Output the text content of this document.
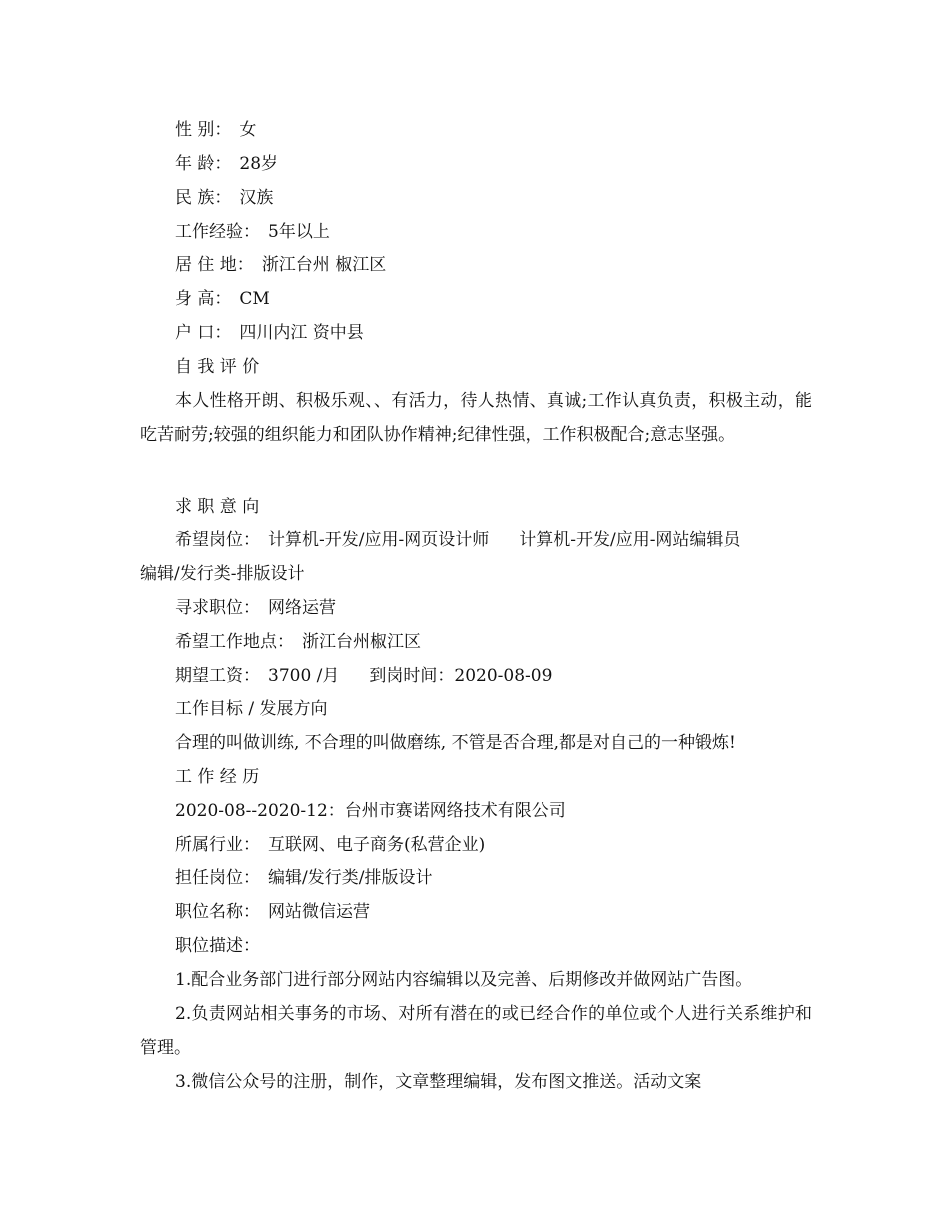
性 别： 女
年 龄： 28岁
民 族： 汉族
工作经验： 5年以上
居 住 地： 浙江台州 椒江区
身 高： CM
户 口： 四川内江 资中县
自 我 评 价
本人性格开朗、积极乐观、、有活力，待人热情、真诚;工作认真负责，积极主动，能吃苦耐劳;较强的组织能力和团队协作精神;纪律性强，工作积极配合;意志坚强。
求 职 意 向
希望岗位： 计算机-开发/应用-网页设计师 计算机-开发/应用-网站编辑员
编辑/发行类-排版设计
寻求职位： 网络运营
希望工作地点： 浙江台州椒江区
期望工资： 3700 /月 到岗时间：2020-08-09
工作目标 / 发展方向
合理的叫做训练, 不合理的叫做磨练, 不管是否合理,都是对自己的一种锻炼!
工 作 经 历
2020-08--2020-12：台州市赛诺网络技术有限公司
所属行业： 互联网、电子商务(私营企业)
担任岗位： 编辑/发行类/排版设计
职位名称： 网站微信运营
职位描述：
1.配合业务部门进行部分网站内容编辑以及完善、后期修改并做网站广告图。
2.负责网站相关事务的市场、对所有潜在的或已经合作的单位或个人进行关系维护和管理。
3.微信公众号的注册，制作，文章整理编辑，发布图文推送。活动文案
